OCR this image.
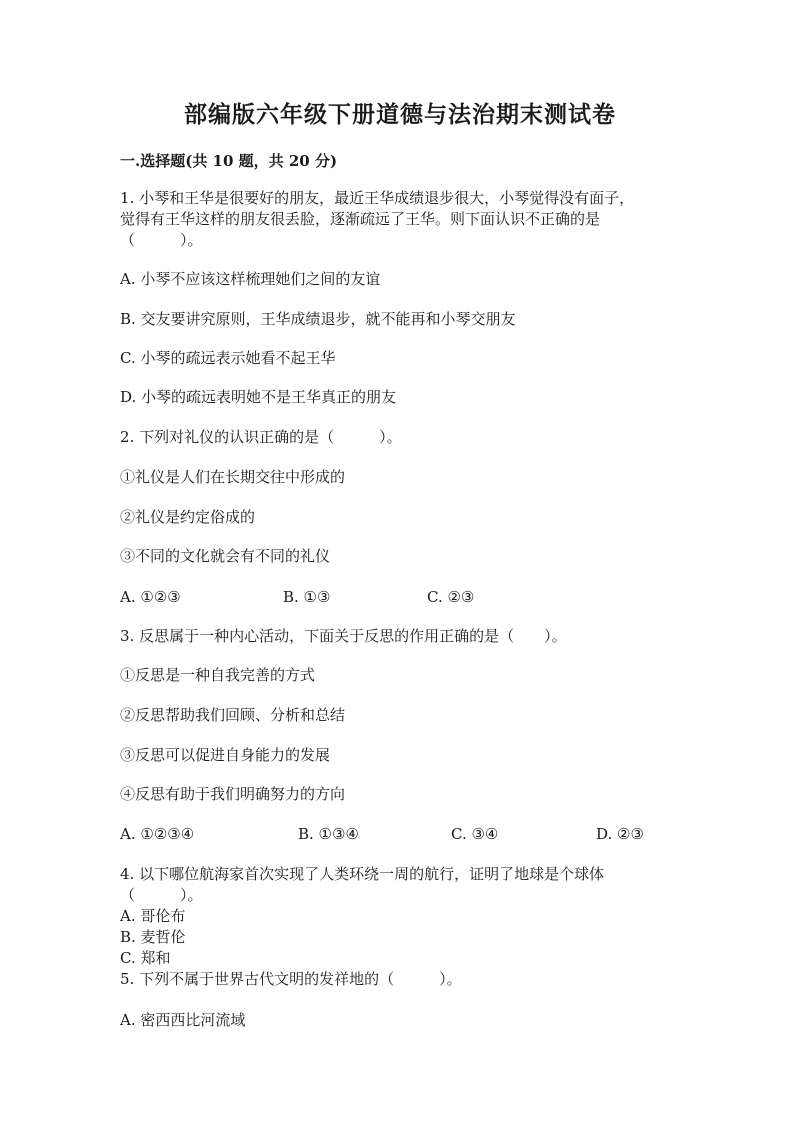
部编版六年级下册道德与法治期末测试卷
一.选择题(共 10 题，共 20 分)
1. 小琴和王华是很要好的朋友，最近王华成绩退步很大，小琴觉得没有面子，
觉得有王华这样的朋友很丢脸，逐渐疏远了王华。则下面认识不正确的是
（　　　）。
A. 小琴不应该这样梳理她们之间的友谊
B. 交友要讲究原则，王华成绩退步，就不能再和小琴交朋友
C. 小琴的疏远表示她看不起王华
D. 小琴的疏远表明她不是王华真正的朋友
2. 下列对礼仪的认识正确的是（　　　）。
①礼仪是人们在长期交往中形成的
②礼仪是约定俗成的
③不同的文化就会有不同的礼仪
A. ①②③	B. ①③	C. ②③
3. 反思属于一种内心活动，下面关于反思的作用正确的是（　　）。
①反思是一种自我完善的方式
②反思帮助我们回顾、分析和总结
③反思可以促进自身能力的发展
④反思有助于我们明确努力的方向
A. ①②③④	B. ①③④	C. ③④	D. ②③
4. 以下哪位航海家首次实现了人类环绕一周的航行，证明了地球是个球体
（　　　）。
A. 哥伦布
B. 麦哲伦
C. 郑和
5. 下列不属于世界古代文明的发祥地的（　　　）。
A. 密西西比河流域
